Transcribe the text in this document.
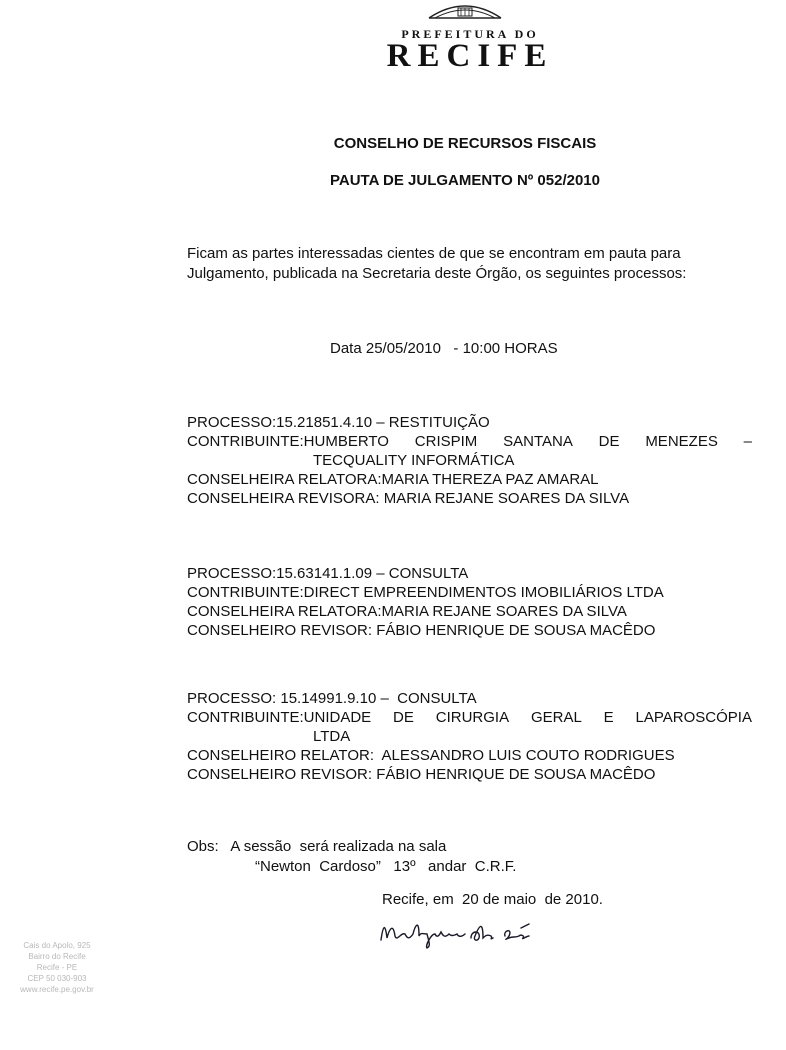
PREFEITURA DO
RECIFE
CONSELHO DE RECURSOS FISCAIS
PAUTA DE JULGAMENTO Nº 052/2010
Ficam as partes interessadas cientes de que se encontram em pauta para Julgamento, publicada na Secretaria deste Órgão, os seguintes processos:
Data 25/05/2010   - 10:00 HORAS
PROCESSO:15.21851.4.10 – RESTITUIÇÃO
CONTRIBUINTE:HUMBERTO CRISPIM SANTANA DE MENEZES –
TECQUALITY INFORMÁTICA
CONSELHEIRA RELATORA:MARIA THEREZA PAZ AMARAL
CONSELHEIRA REVISORA: MARIA REJANE SOARES DA SILVA
PROCESSO:15.63141.1.09 – CONSULTA
CONTRIBUINTE:DIRECT EMPREENDIMENTOS IMOBILIÁRIOS LTDA
CONSELHEIRA RELATORA:MARIA REJANE SOARES DA SILVA
CONSELHEIRO REVISOR: FÁBIO HENRIQUE DE SOUSA MACÊDO
PROCESSO: 15.14991.9.10 –  CONSULTA
CONTRIBUINTE:UNIDADE DE CIRURGIA GERAL E LAPAROSCÓPIA
LTDA
CONSELHEIRO RELATOR:  ALESSANDRO LUIS COUTO RODRIGUES
CONSELHEIRO REVISOR: FÁBIO HENRIQUE DE SOUSA MACÊDO
Obs: A sessão  será realizada na sala
“Newton  Cardoso”   13º   andar  C.R.F.
Recife, em  20 de maio  de 2010.
Cais do Apolo, 925
Bairro do Recife
Recife - PE
CEP 50 030-903
www.recife.pe.gov.br
